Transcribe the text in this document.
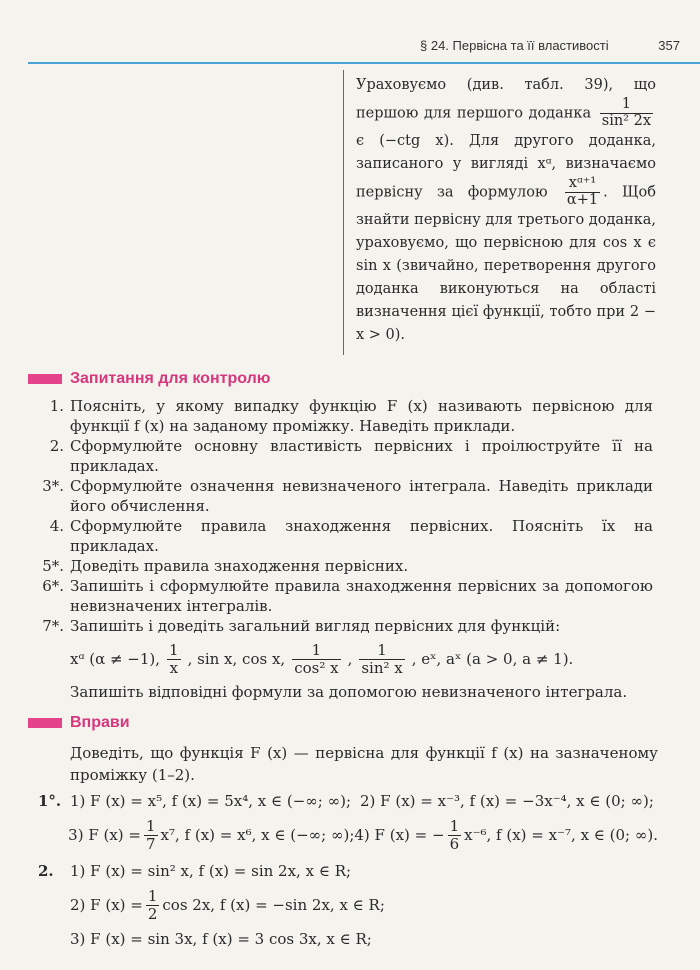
§ 24. Первісна та її властивості	357

Ураховуємо (див. табл. 39), що першою для першого доданка $\frac{1}{\text{sin² 2x}}$
є (−ctg x). Для другого доданка, записаного у вигляді xᵅ, визначаємо первісну за формулою $\frac{\text{xᵅ⁺¹}}{\alpha+1}$ . Щоб знайти первісну для третього доданка, ураховуємо, що первісною для cos x є sin x (звичайно, перетворення другого доданка виконуються на області визначення цієї функції, тобто при 2 − x > 0).

Запитання для контролю
1. Поясніть, у якому випадку функцію F (x) називають первісною для функції f (x) на заданому проміжку. Наведіть приклади.
2. Сформулюйте основну властивість первісних і проілюструйте її на прикладах.
3*. Сформулюйте означення невизначеного інтеграла. Наведіть приклади його обчислення.
4. Сформулюйте правила знаходження первісних. Поясніть їх на прикладах.
5*. Доведіть правила знаходження первісних.
6*. Запишіть і сформулюйте правила знаходження первісних за допомогою невизначених інтегралів.
7*. Запишіть і доведіть загальний вигляд первісних для функцій:
xᵅ (α ≠ −1), $\frac{1}{x}$ , sin x, cos x, $\frac{1}{\text{cos² x}}$ , $\frac{1}{\text{sin² x}}$ , eˣ, aˣ (a > 0, a ≠ 1).
Запишіть відповідні формули за допомогою невизначеного інтеграла.
Вправи
Доведіть, що функція F (x) — первісна для функції f (x) на зазначеному проміжку (1–2).
1°. 1) F (x) = x⁵, f (x) = 5x⁴, x ∈ (−∞; ∞); 2) F (x) = x⁻³, f (x) = −3x⁻⁴, x ∈ (0; ∞);
3) F $(x) = \frac{1}{7} x^7$, f (x) = x⁶, x ∈ (−∞; ∞); 4) F (x) = − $\frac{1}{6} x^{-6}$, f (x) = x⁻⁷, x ∈ (0; ∞).
2.	1) F (x) = sin² x, f (x) = sin 2x, x ∈ R;
2) F $(x) = \frac{1}{2}$ cos 2x, f (x) = −sin 2x, x ∈ R;
3) F (x) = sin 3x, f (x) = 3 cos 3x, x ∈ R;
